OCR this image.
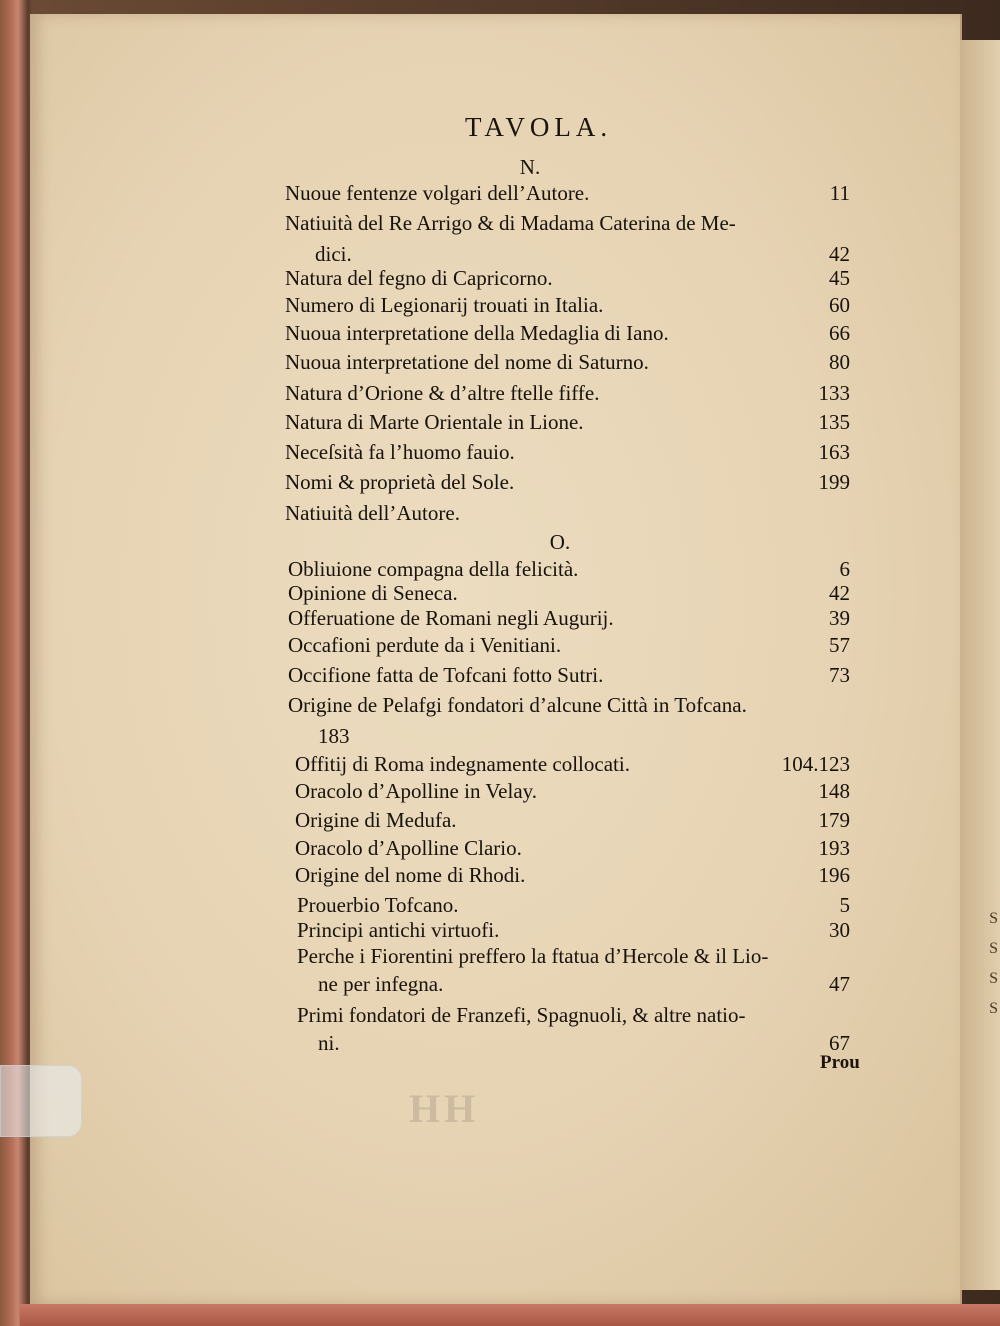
S
S
S
S
HH
TAVOLA.
N.
Nuoue fentenze volgari dell’Autore.	11
Natiuità del Re Arrigo & di Madama Caterina de Me-
dici.	42
Natura del fegno di Capricorno.	45
Numero di Legionarij trouati in Italia.	60
Nuoua interpretatione della Medaglia di Iano.	66
Nuoua interpretatione del nome di Saturno.	80
Natura d’Orione & d’altre ftelle fiffe.	133
Natura di Marte Orientale in Lione.	135
Neceſsità fa l’huomo fauio.	163
Nomi & proprietà del Sole.	199
Natiuità dell’Autore.
O.
Obliuione compagna della felicità.	6
Opinione di Seneca.	42
Offeruatione de Romani negli Augurij.	39
Occafioni perdute da i Venitiani.	57
Occifione fatta de Tofcani fotto Sutri.	73
Origine de Pelafgi fondatori d’alcune Città in Tofcana.
183
Offitij di Roma indegnamente collocati.	104.123
Oracolo d’Apolline in Velay.	148
Origine di Medufa.	179
Oracolo d’Apolline Clario.	193
Origine del nome di Rhodi.	196
Prouerbio Tofcano.	5
Principi antichi virtuofi.	30
Perche i Fiorentini preffero la ftatua d’Hercole & il Lio-
ne per infegna.	47
Primi fondatori de Franzefi, Spagnuoli, & altre natio-
ni.	67
Prou
